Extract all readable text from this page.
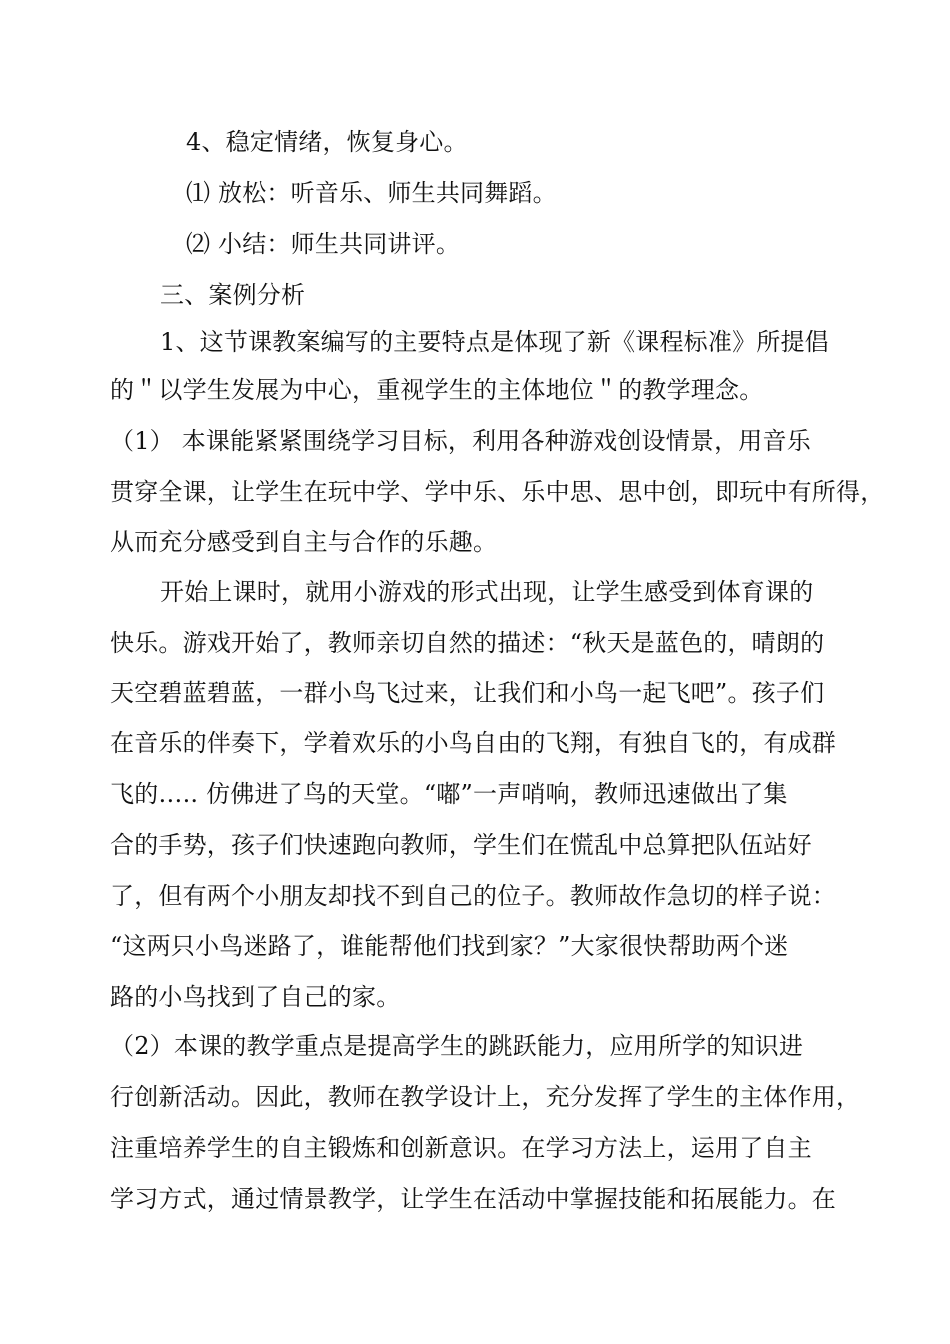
4、稳定情绪，恢复身心。
⑴ 放松：听音乐、师生共同舞蹈。
⑵ 小结：师生共同讲评。
三、案例分析
1、这节课教案编写的主要特点是体现了新《课程标准》所提倡
的＂以学生发展为中心，重视学生的主体地位＂的教学理念。
（1） 本课能紧紧围绕学习目标，利用各种游戏创设情景，用音乐
贯穿全课，让学生在玩中学、学中乐、乐中思、思中创，即玩中有所得，
从而充分感受到自主与合作的乐趣。
开始上课时，就用小游戏的形式出现，让学生感受到体育课的
快乐。游戏开始了，教师亲切自然的描述：“秋天是蓝色的，晴朗的
天空碧蓝碧蓝，一群小鸟飞过来，让我们和小鸟一起飞吧”。孩子们
在音乐的伴奏下，学着欢乐的小鸟自由的飞翔，有独自飞的，有成群
飞的….. 仿佛进了鸟的天堂。“嘟”一声哨响，教师迅速做出了集
合的手势，孩子们快速跑向教师，学生们在慌乱中总算把队伍站好
了，但有两个小朋友却找不到自己的位子。教师故作急切的样子说：
“这两只小鸟迷路了，谁能帮他们找到家？”大家很快帮助两个迷
路的小鸟找到了自己的家。
（2）本课的教学重点是提高学生的跳跃能力，应用所学的知识进
行创新活动。因此，教师在教学设计上，充分发挥了学生的主体作用，
注重培养学生的自主锻炼和创新意识。在学习方法上，运用了自主
学习方式，通过情景教学，让学生在活动中掌握技能和拓展能力。在
